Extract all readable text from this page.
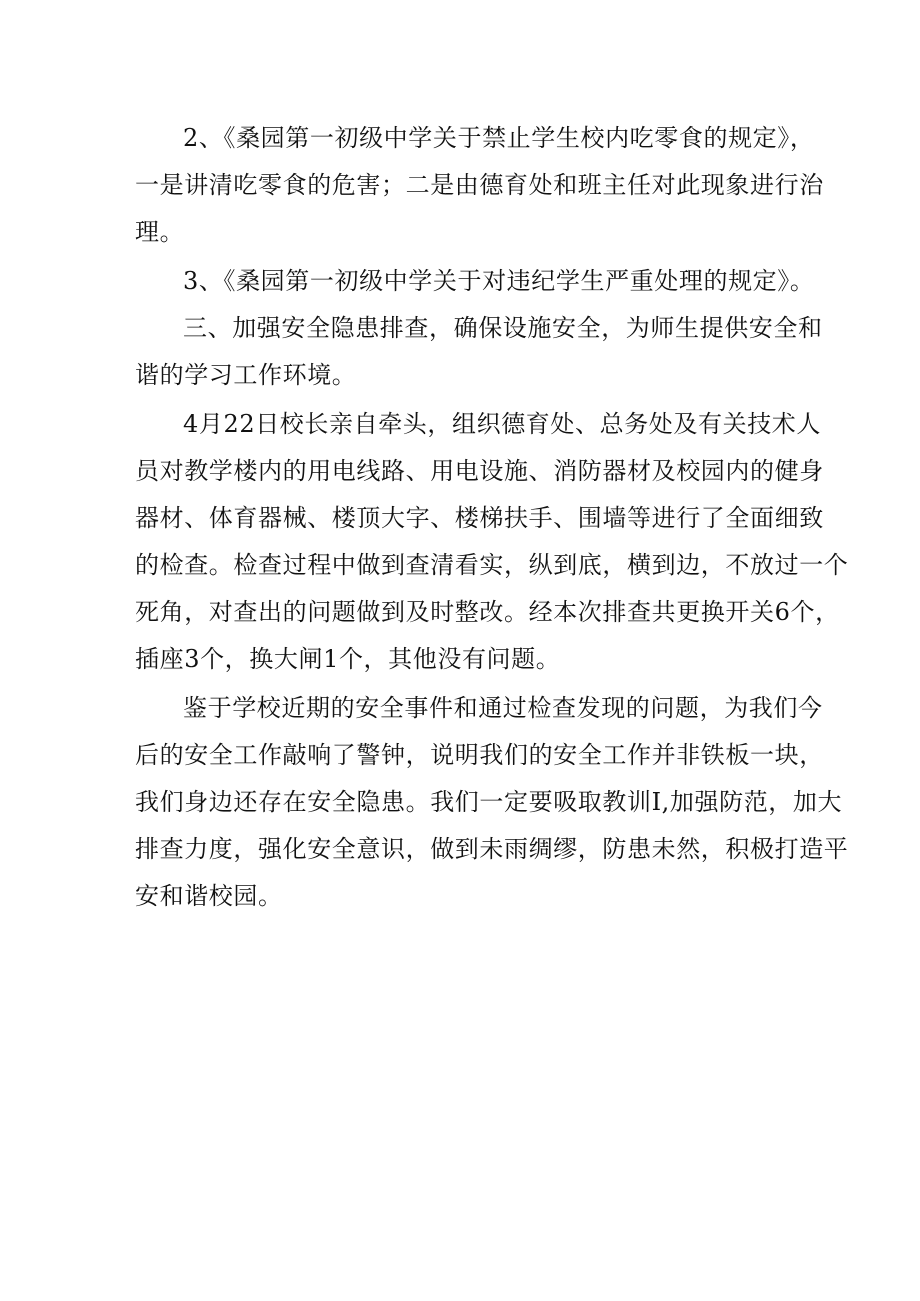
2、《桑园第一初级中学关于禁止学生校内吃零食的规定》，
一是讲清吃零食的危害；二是由德育处和班主任对此现象进行治
理。
3、《桑园第一初级中学关于对违纪学生严重处理的规定》。
三、加强安全隐患排查，确保设施安全，为师生提供安全和
谐的学习工作环境。
4月22日校长亲自牵头，组织德育处、总务处及有关技术人
员对教学楼内的用电线路、用电设施、消防器材及校园内的健身
器材、体育器械、楼顶大字、楼梯扶手、围墙等进行了全面细致
的检查。检查过程中做到查清看实，纵到底，横到边，不放过一个
死角，对查出的问题做到及时整改。经本次排查共更换开关6个，
插座3个，换大闸1个，其他没有问题。
鉴于学校近期的安全事件和通过检查发现的问题，为我们今
后的安全工作敲响了警钟，说明我们的安全工作并非铁板一块，
我们身边还存在安全隐患。我们一定要吸取教训I,加强防范，加大
排查力度，强化安全意识，做到未雨绸缪，防患未然，积极打造平
安和谐校园。
